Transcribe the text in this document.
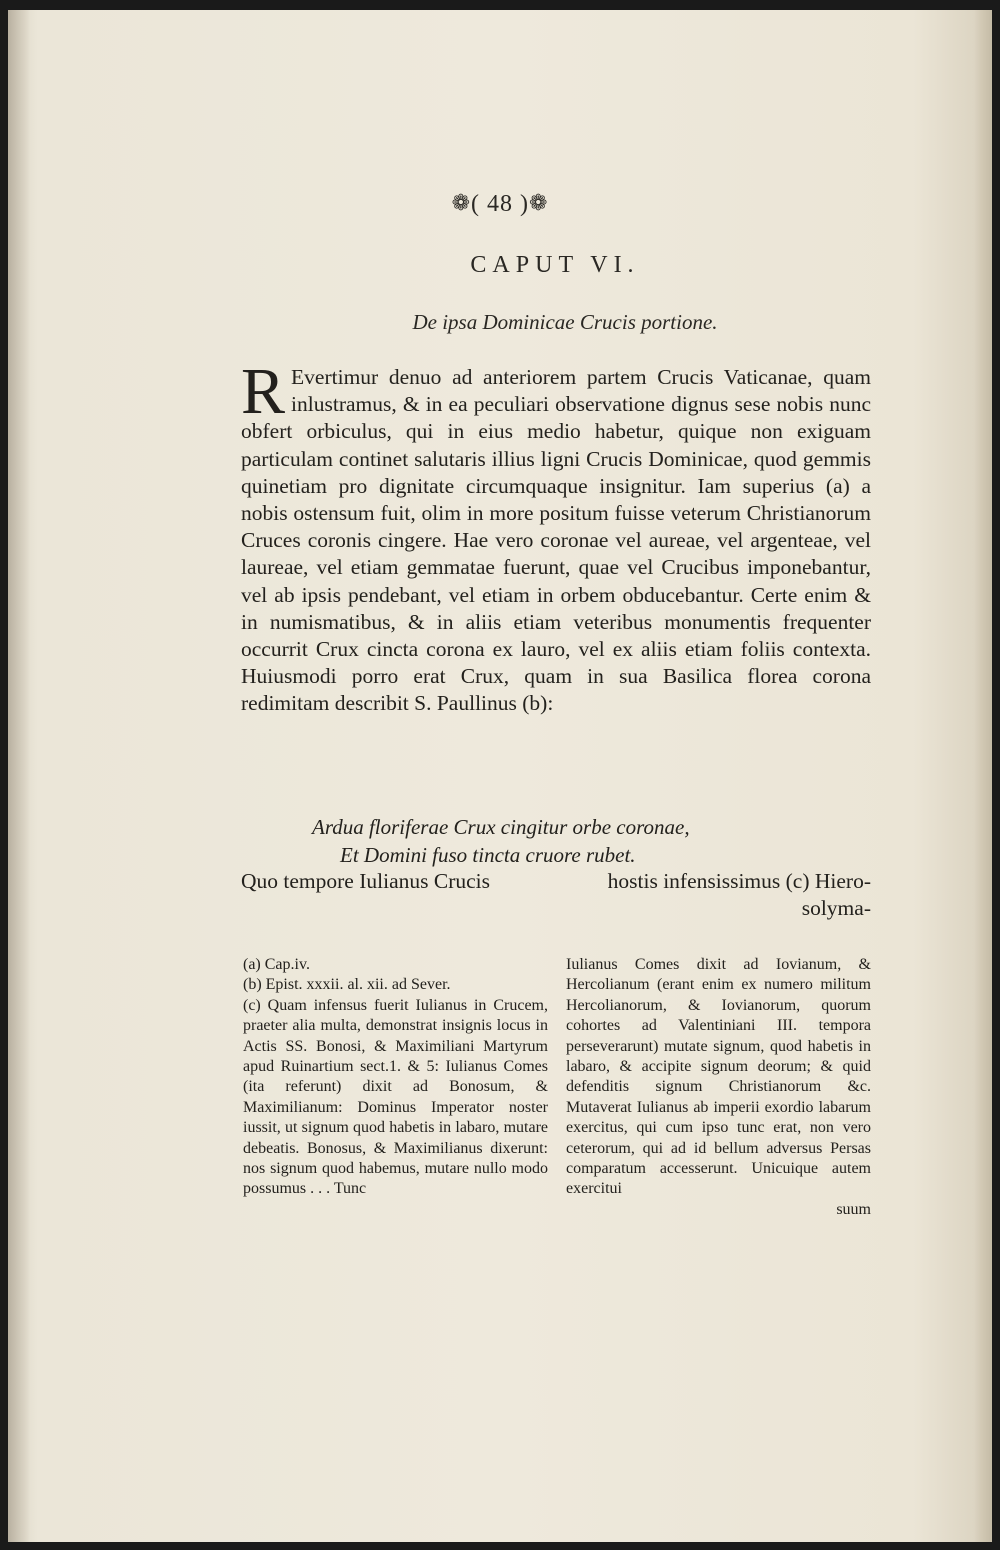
❁( 48 )❁
CAPUT VI.
De ipsa Dominicae Crucis portione.

R Evertimur denuo ad anteriorem partem Crucis Vaticanae, quam inlustramus, & in ea peculiari observatione dignus sese nobis nunc obfert orbiculus, qui in eius medio habetur, quique non exiguam particulam continet salutaris illius ligni Crucis Dominicae, quod gemmis quinetiam pro dignitate circumquaque insignitur. Iam superius (a) a nobis ostensum fuit, olim in more positum fuisse veterum Christianorum Cruces coronis cingere. Hae vero coronae vel aureae, vel argenteae, vel laureae, vel etiam gemmatae fuerunt, quae vel Crucibus imponebantur, vel ab ipsis pendebant, vel etiam in orbem obducebantur. Certe enim & in numismatibus, & in aliis etiam veteribus monumentis frequenter occurrit Crux cincta corona ex lauro, vel ex aliis etiam foliis contexta. Huiusmodi porro erat Crux, quam in sua Basilica florea corona redimitam describit S. Paullinus (b):

Ardua floriferae Crux cingitur orbe coronae,
Et Domini fuso tincta cruore rubet.
Quo tempore Iulianus Crucis	hostis infensissimus (c) Hiero-
solyma-

(a) Cap.iv.

(b) Epist. xxxii. al. xii. ad Sever.

(c) Quam infensus fuerit Iulianus in Crucem, praeter alia multa, demonstrat insignis locus in Actis SS. Bonosi, & Maximiliani Martyrum apud Ruinartium sect.1. & 5: Iulianus Comes (ita referunt) dixit ad Bonosum, & Maximilianum: Dominus Imperator noster iussit, ut signum quod habetis in labaro, mutare debeatis. Bonosus, & Maximilianus dixerunt: nos signum quod habemus, mutare nullo modo possumus . . . Tunc

Iulianus Comes dixit ad Iovianum, & Hercolianum (erant enim ex numero militum Hercolianorum, & Iovianorum, quorum cohortes ad Valentiniani III. tempora perseverarunt) mutate signum, quod habetis in labaro, & accipite signum deorum; & quid defenditis signum Christianorum &c. Mutaverat Iulianus ab imperii exordio labarum exercitus, qui cum ipso tunc erat, non vero ceterorum, qui ad id bellum adversus Persas comparatum accesserunt. Unicuique autem exercitui

suum
